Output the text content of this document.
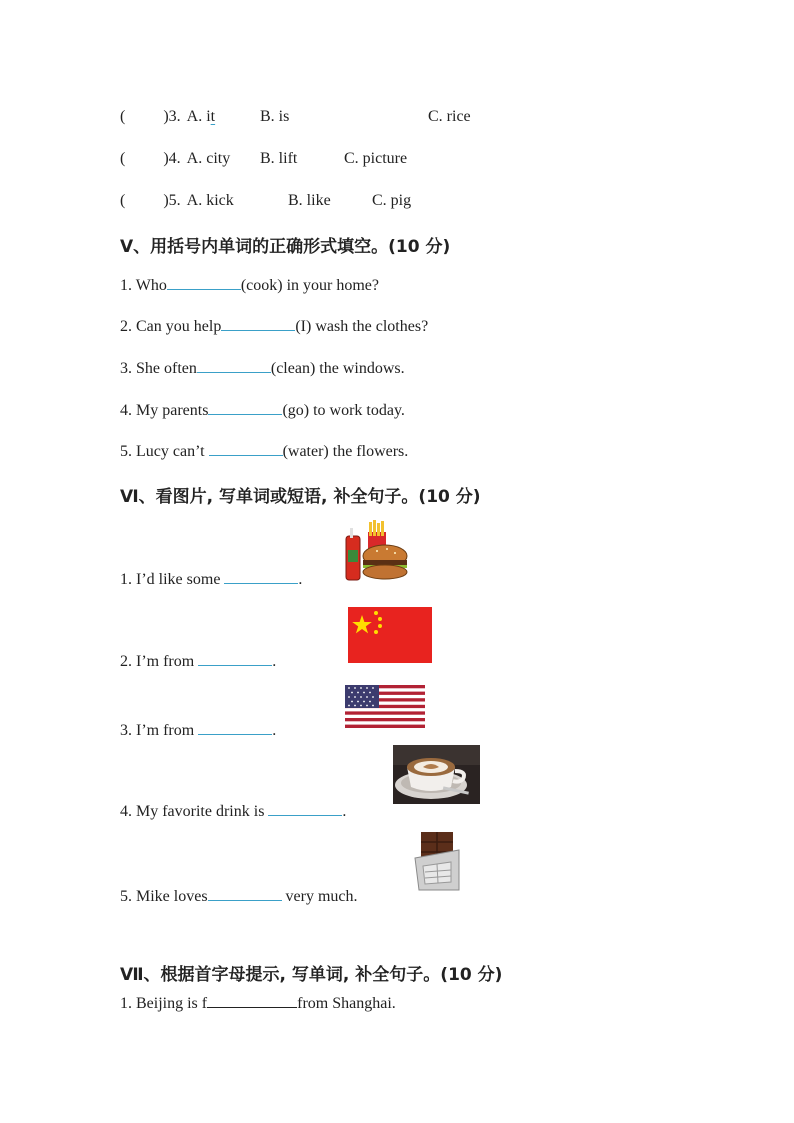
( )3. A. it	B. is	C. rice
( )4. A. city B. lift	C. picture
( )5. A. kick	B. like	C. pig
Ⅴ、用括号内单词的正确形式填空。(10 分)
1. Who	(cook) in your home?
2. Can you help	(I) wash the clothes?
3. She often	(clean) the windows.
4. My parents	(go) to work today.
5. Lucy can’t	(water) the flowers.
Ⅵ、看图片, 写单词或短语, 补全句子。(10 分)
1. I’d like some	.
2. I’m from	.
3. I’m from	.
4. My favorite drink is	.
5. Mike loves	very much.
Ⅶ、根据首字母提示, 写单词, 补全句子。(10 分)
1. Beijing is f	from Shanghai.
